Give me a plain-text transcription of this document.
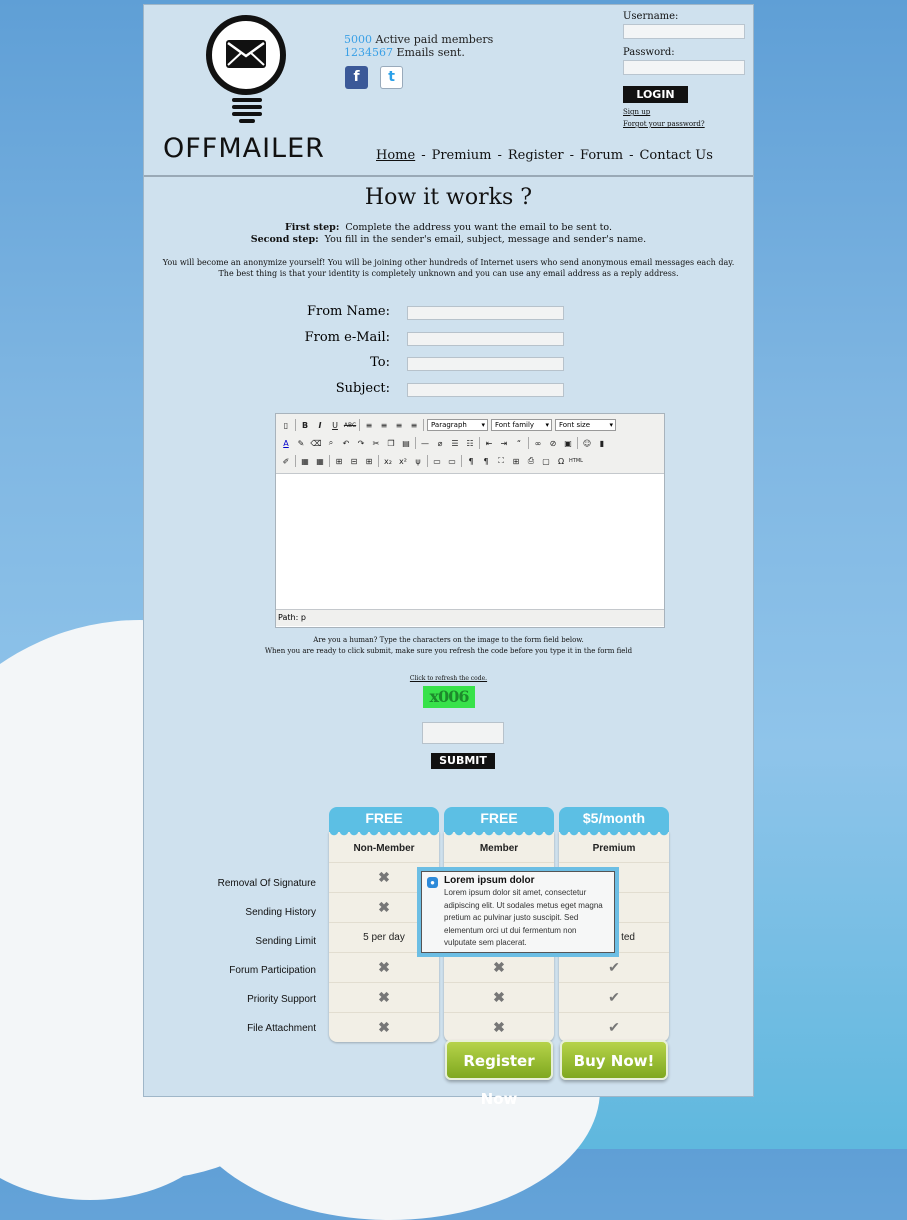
OFFMAILER
5000 Active paid members
1234567 Emails sent.
f t
Username:
Password:
LOGIN
Sign up
Forgot your password?
Home - Premium - Register - Forum - Contact Us
How it works ?
First step: Complete the address you want the email to be sent to.
Second step: You fill in the sender's email, subject, message and sender's name.
You will become an anonymize yourself! You will be joining other hundreds of Internet users who send anonymous email messages each day.
The best thing is that your identity is completely unknown and you can use any email address as a reply address.
From Name:
From e-Mail:
To:
Subject:
▯	B	I	U ABC	≡	≡	≡	≡	Paragraph ▾	Font family ▾	Font size ▾
A	✎ ⌫ ⌕	↶	↷	✂	❐ ▤ —	⌀	☰ ☷	⇤	⇥	“	∞	⊘ ▣ ☺	▮
✐	▦ ▦	⊞	⊟	⊞	x₂ x²	ψ	▭ ▭	¶	¶	⛶	⊞	⎙	▢	Ω HTML
Path: p
Are you a human? Type the characters on the image to the form field below.
When you are ready to click submit, make sure you refresh the code before you type it in the form field
Click to refresh the code.
x006
SUBMIT
Removal Of Signature
Sending History
Sending Limit
Forum Participation
Priority Support
File Attachment
FREE
Non-Member
✖
✖
5 per day
✖
✖
✖
FREE
Member
✖
✖
✖
$5/month
Premium
ted
✔
✔
✔
Register Now
Buy Now!
● Lorem ipsum dolor
Lorem ipsum dolor sit amet, consectetur adipiscing elit. Ut sodales metus eget magna pretium ac pulvinar justo suscipit. Sed elementum orci ut dui fermentum non vulputate sem placerat.
